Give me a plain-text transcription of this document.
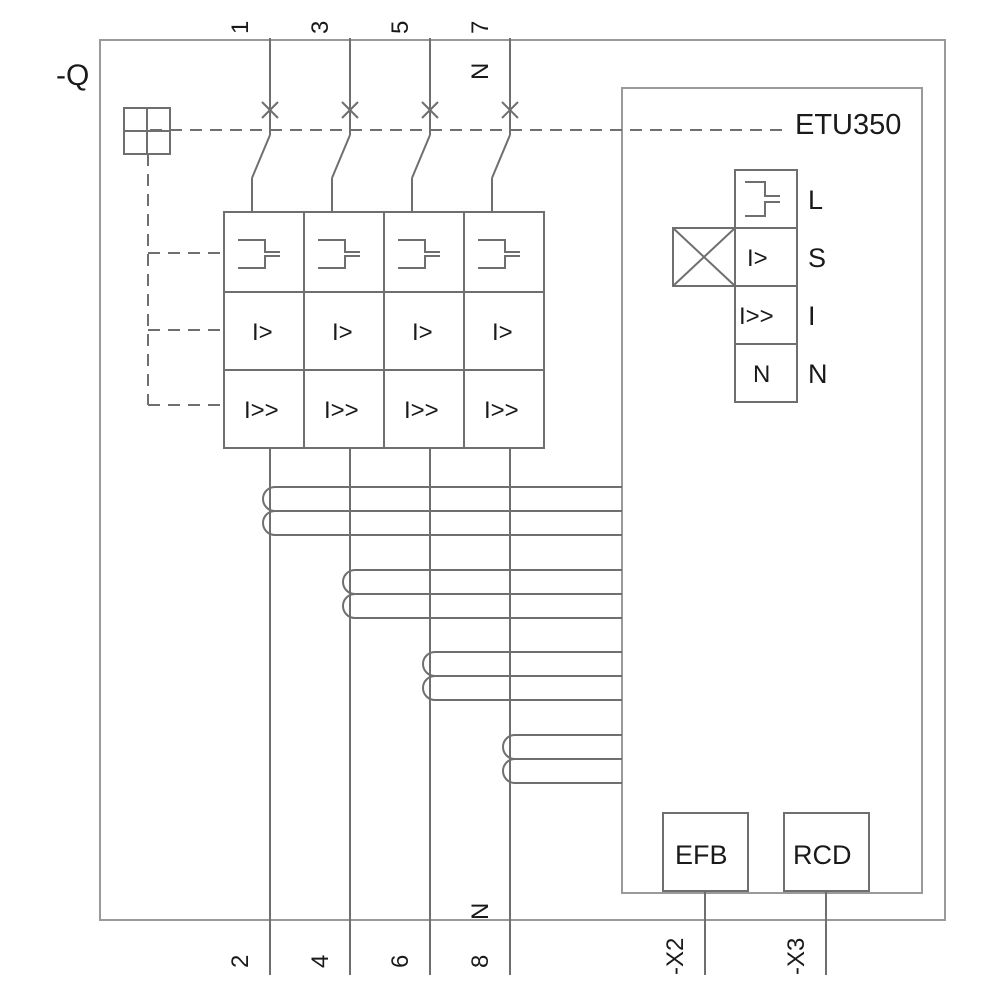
I> I> I> I>
I>> I>> I>> I>>
I>
I>>
N
L
S
I
N
EFB RCD
-Q
ETU350
1 3 5 7
N
2 4 6 8
N
-X2	-X3
